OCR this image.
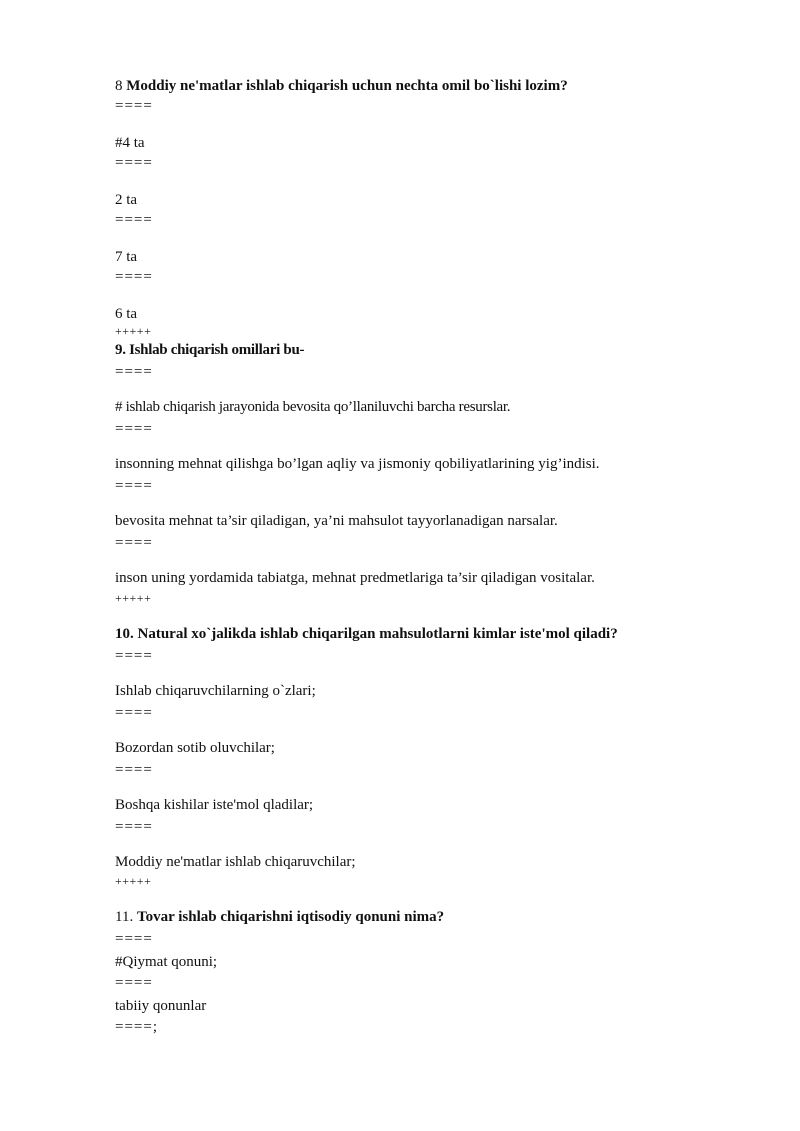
8 Moddiy ne'matlar ishlab chiqarish uchun nechta omil bo`lishi lozim?
====
#4 ta
====
2 ta
====
7 ta
====
6 ta
+++++
9. Ishlab chiqarish omillari bu-
====
# ishlab chiqarish jarayonida bevosita qo’llaniluvchi barcha resurslar.
====
insonning mehnat qilishga bo’lgan aqliy va jismoniy qobiliyatlarining yig’indisi.
====
bevosita mehnat ta’sir qiladigan, ya’ni mahsulot tayyorlanadigan narsalar.
====
inson uning yordamida tabiatga, mehnat predmetlariga ta’sir qiladigan vositalar.
+++++
10. Natural xo`jalikda ishlab chiqarilgan mahsulotlarni kimlar iste'mol qiladi?
====
Ishlab chiqaruvchilarning o`zlari;
====
Bozordan sotib oluvchilar;
====
Boshqa kishilar iste'mol qladilar;
====
Moddiy ne'matlar ishlab chiqaruvchilar;
+++++
11. Tovar ishlab chiqarishni iqtisodiy qonuni nima?
====
#Qiymat qonuni;
====
tabiiy qonunlar
====;
